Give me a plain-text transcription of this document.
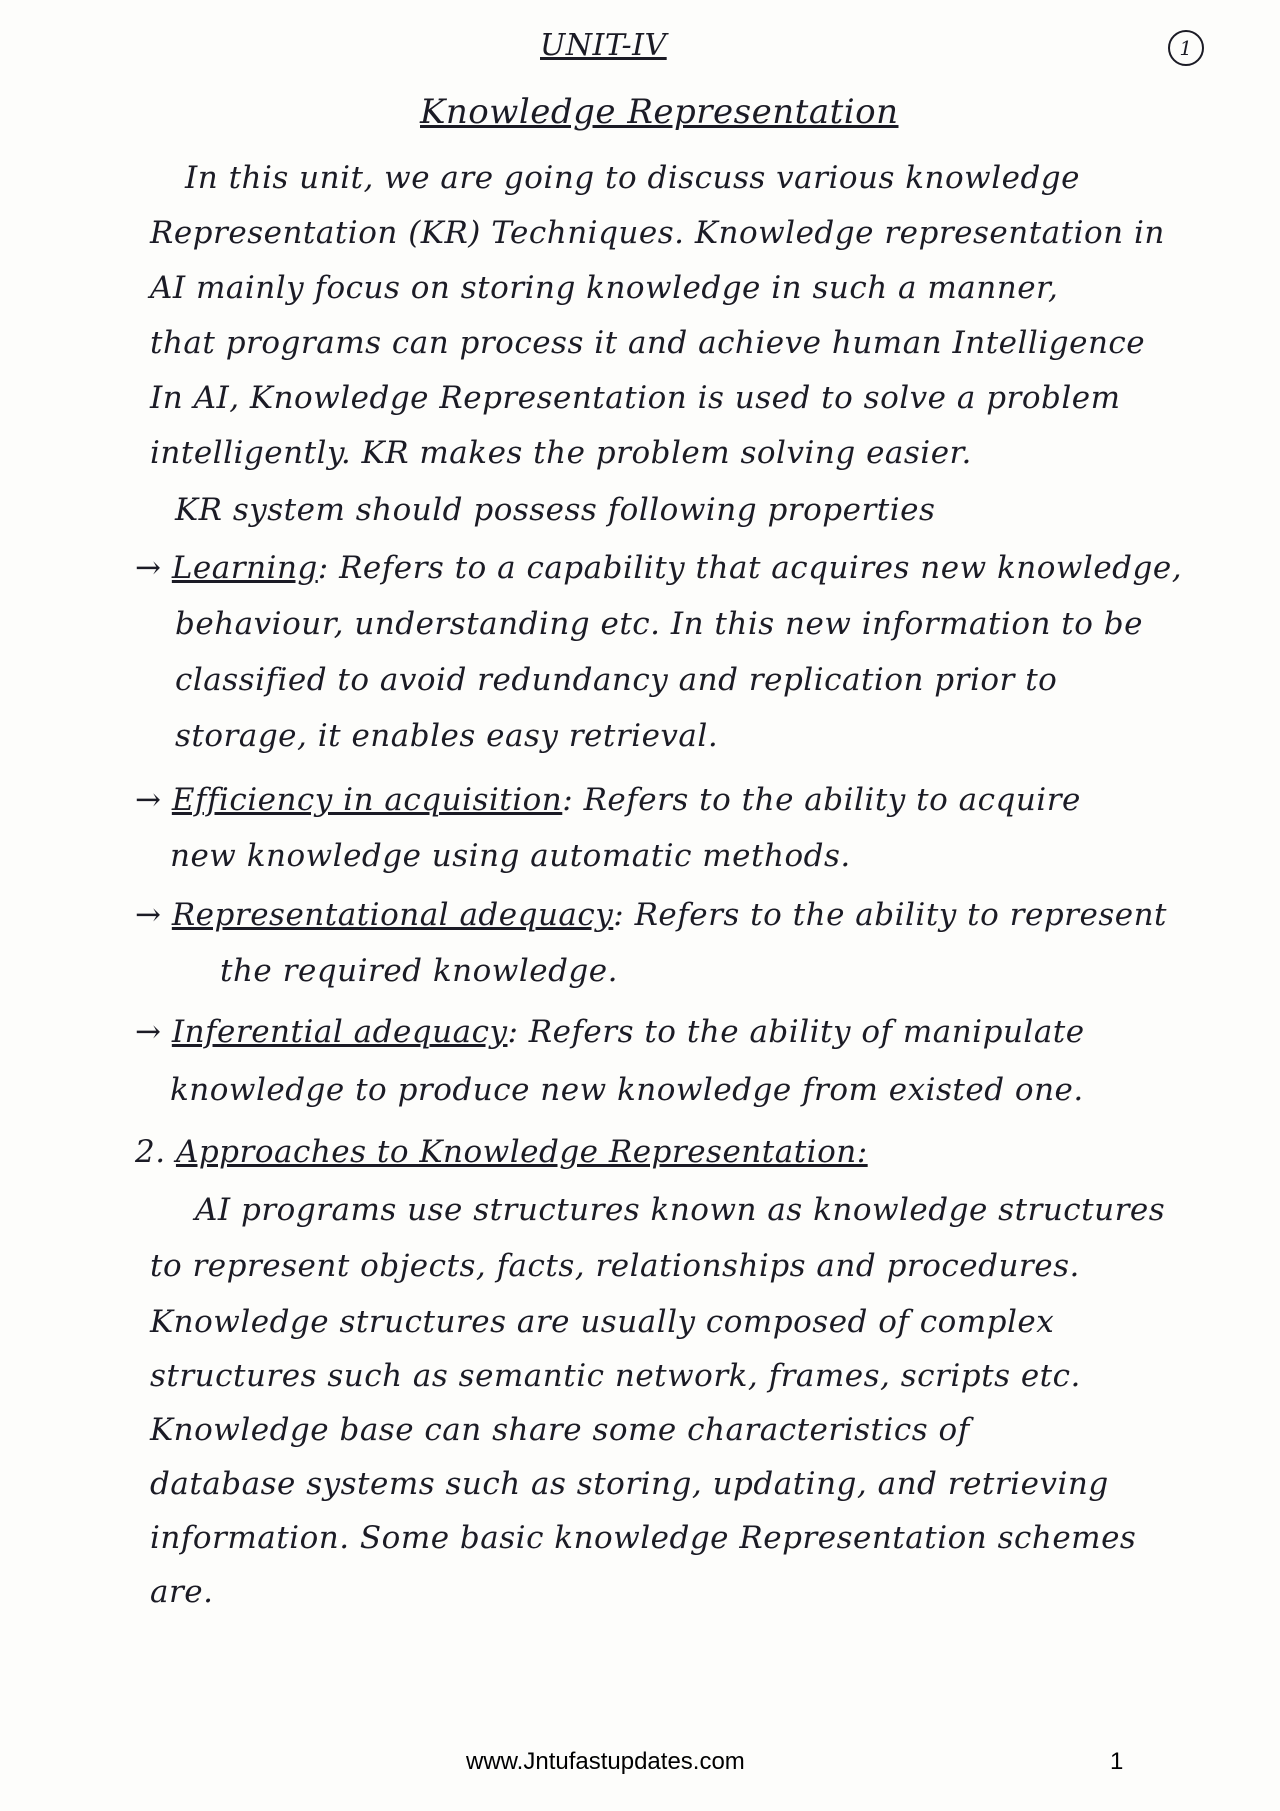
UNIT-IV	1
Knowledge Representation
In this unit, we are going to discuss various knowledge
Representation (KR) Techniques. Knowledge representation in
AI mainly focus on storing knowledge in such a manner,
that programs can process it and achieve human Intelligence
In AI, Knowledge Representation is used to solve a problem
intelligently. KR makes the problem solving easier.
KR system should possess following properties
→ Learning: Refers to a capability that acquires new knowledge,
behaviour, understanding etc. In this new information to be
classified to avoid redundancy and replication prior to
storage, it enables easy retrieval.
→ Efficiency in acquisition: Refers to the ability to acquire
new knowledge using automatic methods.
→ Representational adequacy: Refers to the ability to represent
the required knowledge.
→ Inferential adequacy: Refers to the ability of manipulate
knowledge to produce new knowledge from existed one.
2. Approaches to Knowledge Representation:
AI programs use structures known as knowledge structures
to represent objects, facts, relationships and procedures.
Knowledge structures are usually composed of complex
structures such as semantic network, frames, scripts etc.
Knowledge base can share some characteristics of
database systems such as storing, updating, and retrieving
information. Some basic knowledge Representation schemes
are.
www.Jntufastupdates.com	1
